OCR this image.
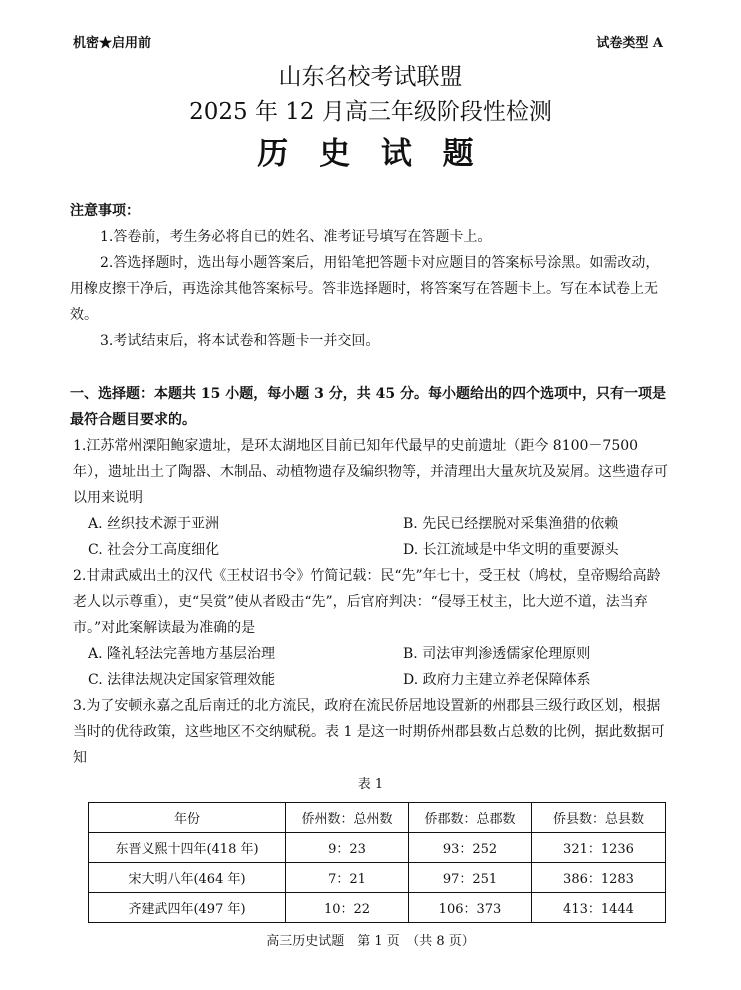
机密★启用前	试卷类型 A
山东名校考试联盟
2025 年 12 月高三年级阶段性检测
历 史 试 题
注意事项：
1.答卷前，考生务必将自已的姓名、准考证号填写在答题卡上。
2.答选择题时，选出每小题答案后，用铅笔把答题卡对应题目的答案标号涂黑。如需改动，用橡皮擦干净后，再选涂其他答案标号。答非选择题时，将答案写在答题卡上。写在本试卷上无效。
3.考试结束后，将本试卷和答题卡一并交回。
一、选择题：本题共 15 小题，每小题 3 分，共 45 分。每小题给出的四个选项中，只有一项是最符合题目要求的。
1.江苏常州溧阳鲍家遗址，是环太湖地区目前已知年代最早的史前遗址（距今 8100－7500 年），遗址出土了陶器、木制品、动植物遗存及编织物等，并清理出大量灰坑及炭屑。这些遗存可以用来说明
A. 丝织技术源于亚洲	B. 先民已经摆脱对采集渔猎的依赖
C. 社会分工高度细化	D. 长江流域是中华文明的重要源头
2.甘肃武威出土的汉代《王杖诏书令》竹简记载：民“先”年七十，受王杖（鸠杖，皇帝赐给高龄老人以示尊重），吏“吴赏”使从者殴击“先”，后官府判决：“侵辱王杖主，比大逆不道，法当弃市。”对此案解读最为准确的是
A. 隆礼轻法完善地方基层治理	B. 司法审判渗透儒家伦理原则
C. 法律法规决定国家管理效能	D. 政府力主建立养老保障体系
3.为了安顿永嘉之乱后南迁的北方流民，政府在流民侨居地设置新的州郡县三级行政区划，根据当时的优待政策，这些地区不交纳赋税。表 1 是这一时期侨州郡县数占总数的比例，据此数据可知
表 1
年份	侨州数：总州数	侨郡数：总郡数	侨县数：总县数
东晋义熙十四年(418 年)	9：23	93：252	321：1236
宋大明八年(464 年)	7：21	97：251	386：1283
齐建武四年(497 年)	10：22	106：373	413：1444
高三历史试题　第 1 页　（共 8 页）
